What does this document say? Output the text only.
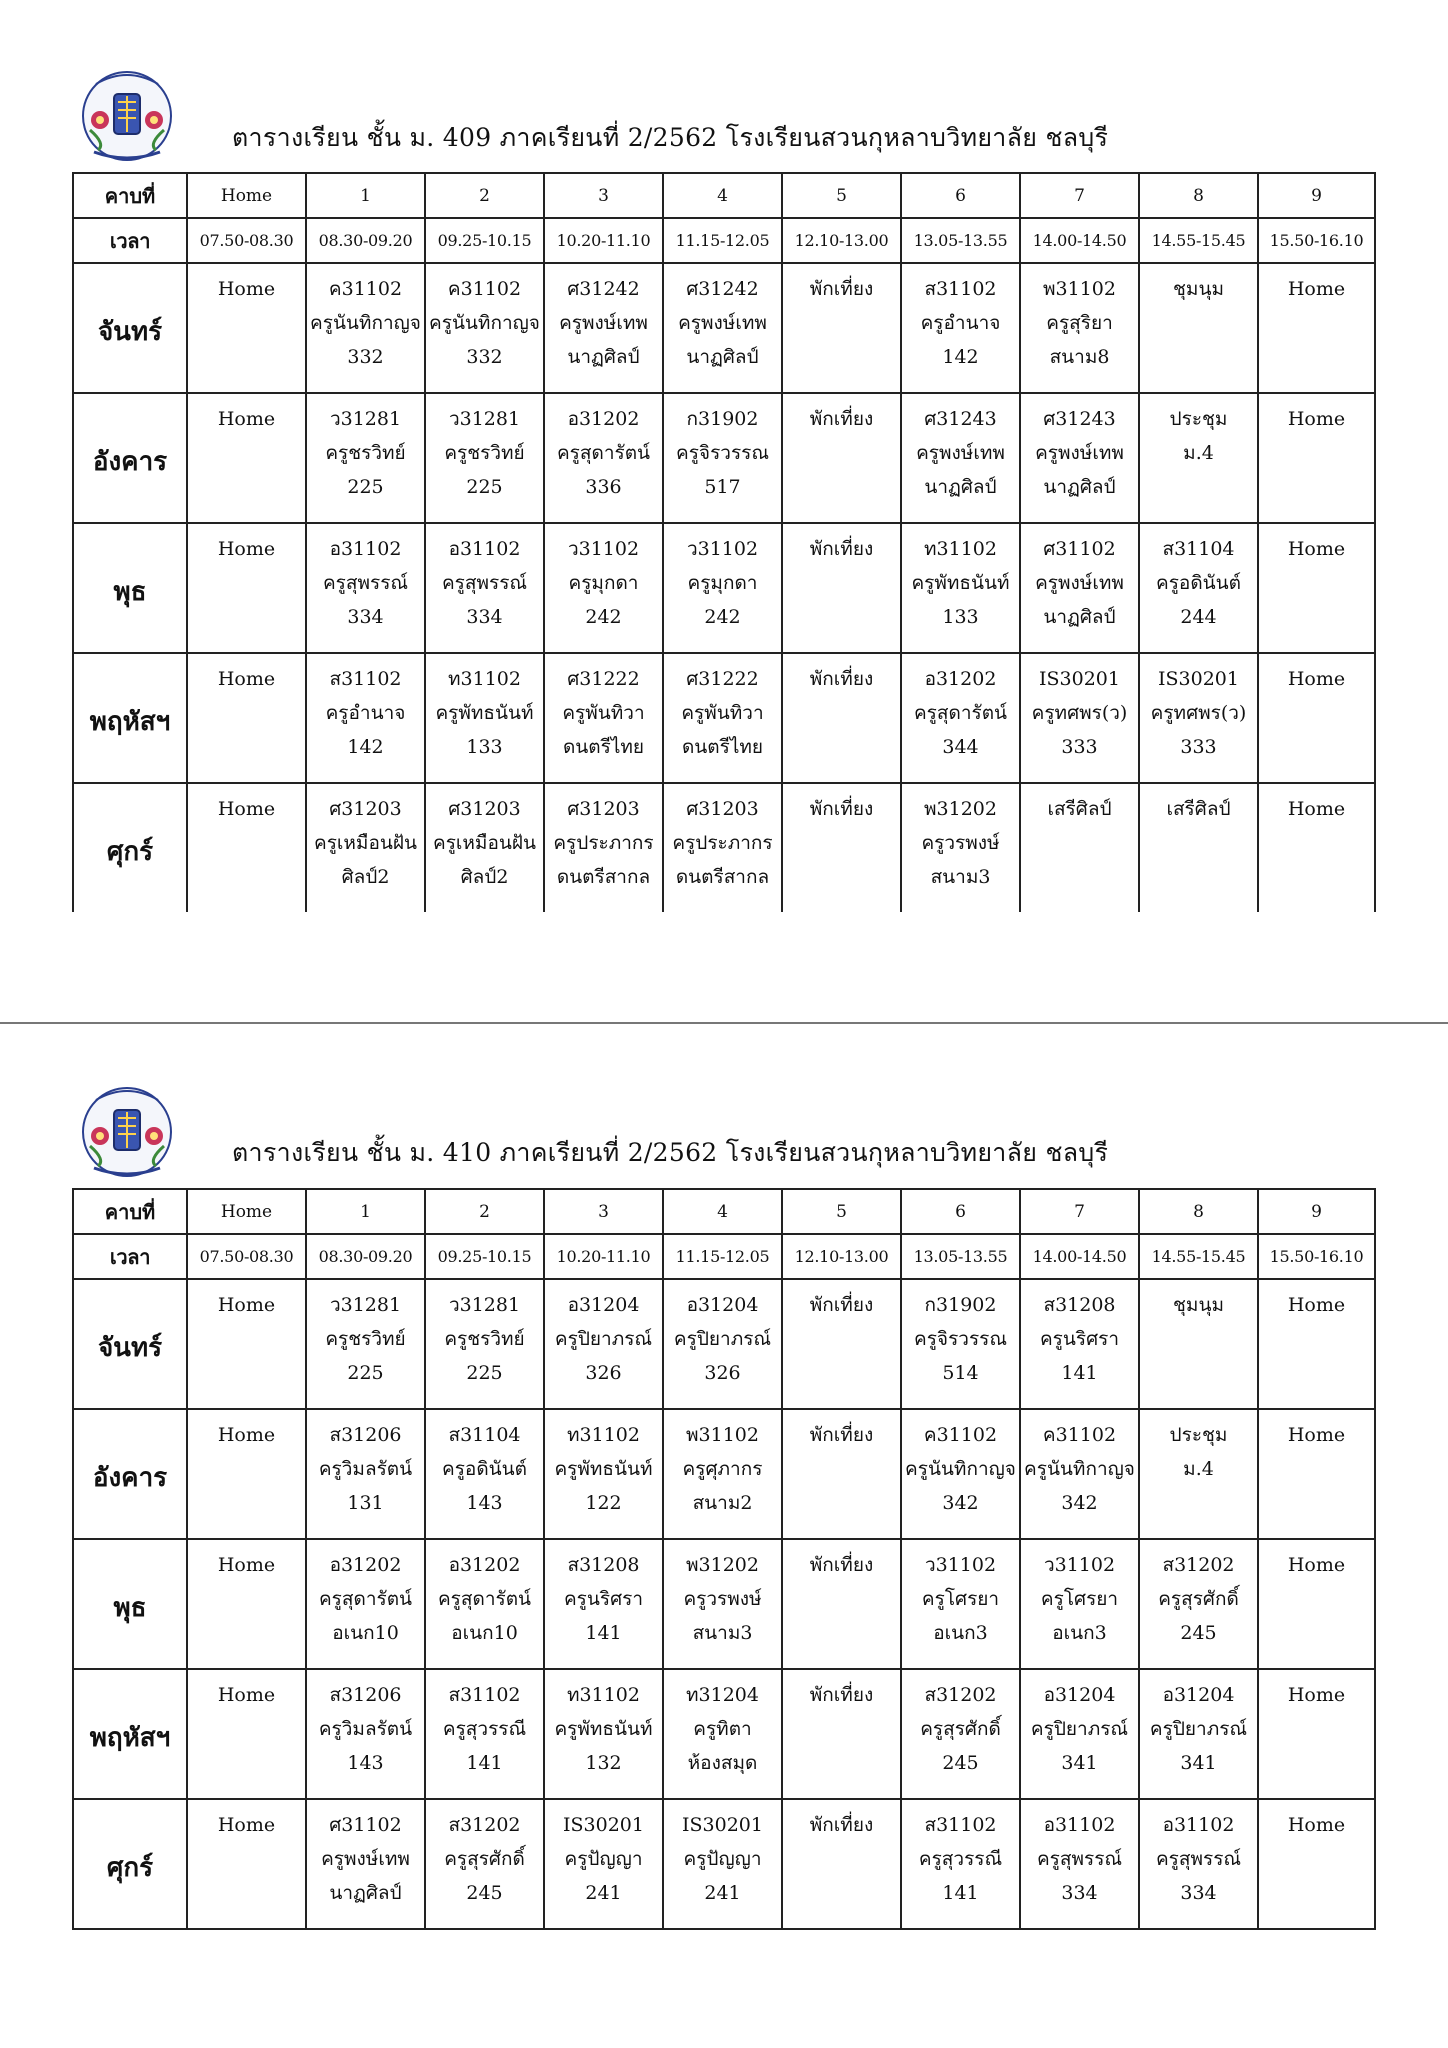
ตารางเรียน ชั้น ม. 409 ภาคเรียนที่ 2/2562 โรงเรียนสวนกุหลาบวิทยาลัย ชลบุรี
คาบที่	Home	1	2	3	4	5	6	7	8	9
เวลา	07.50-08.30	08.30-09.20	09.25-10.15	10.20-11.10	11.15-12.05	12.10-13.00	13.05-13.55	14.00-14.50	14.55-15.45	15.50-16.10
จันทร์	Home	ค31102
ครูนันทิกาญจ
332	ค31102
ครูนันทิกาญจ
332	ศ31242
ครูพงษ์เทพ
นาฏศิลป์	ศ31242
ครูพงษ์เทพ
นาฏศิลป์	พักเที่ยง	ส31102
ครูอำนาจ
142	พ31102
ครูสุริยา
สนาม8	ชุมนุม	Home

อังคาร	Home	ว31281
ครูชรวิทย์
225	ว31281
ครูชรวิทย์
225	อ31202
ครูสุดารัตน์
336	ก31902
ครูจิรวรรณ
517	พักเที่ยง	ศ31243
ครูพงษ์เทพ
นาฏศิลป์	ศ31243
ครูพงษ์เทพ
นาฏศิลป์	ประชุม
ม.4	Home

พุธ	Home	อ31102
ครูสุพรรณ์
334	อ31102
ครูสุพรรณ์
334	ว31102
ครูมุกดา
242	ว31102
ครูมุกดา
242	พักเที่ยง	ท31102
ครูพัทธนันท์
133	ศ31102
ครูพงษ์เทพ
นาฏศิลป์	ส31104
ครูอดินันต์
244	Home

พฤหัสฯ	Home	ส31102
ครูอำนาจ
142	ท31102
ครูพัทธนันท์
133	ศ31222
ครูพันทิวา
ดนตรีไทย	ศ31222
ครูพันทิวา
ดนตรีไทย	พักเที่ยง	อ31202
ครูสุดารัตน์
344	IS30201
ครูทศพร(ว)
333	IS30201
ครูทศพร(ว)
333	Home

ศุกร์	Home	ศ31203
ครูเหมือนฝัน
ศิลป์2	ศ31203
ครูเหมือนฝัน
ศิลป์2	ศ31203
ครูประภากร
ดนตรีสากล	ศ31203
ครูประภากร
ดนตรีสากล	พักเที่ยง	พ31202
ครูวรพงษ์
สนาม3	เสรีศิลป์	เสรีศิลป์	Home
ตารางเรียน ชั้น ม. 410 ภาคเรียนที่ 2/2562 โรงเรียนสวนกุหลาบวิทยาลัย ชลบุรี
คาบที่	Home	1	2	3	4	5	6	7	8	9
เวลา	07.50-08.30	08.30-09.20	09.25-10.15	10.20-11.10	11.15-12.05	12.10-13.00	13.05-13.55	14.00-14.50	14.55-15.45	15.50-16.10
จันทร์	Home	ว31281
ครูชรวิทย์
225	ว31281
ครูชรวิทย์
225	อ31204
ครูปิยาภรณ์
326	อ31204
ครูปิยาภรณ์
326	พักเที่ยง	ก31902
ครูจิรวรรณ
514	ส31208
ครูนริศรา
141	ชุมนุม	Home

อังคาร	Home	ส31206
ครูวิมลรัตน์
131	ส31104
ครูอดินันต์
143	ท31102
ครูพัทธนันท์
122	พ31102
ครูศุภากร
สนาม2	พักเที่ยง	ค31102
ครูนันทิกาญจ
342	ค31102
ครูนันทิกาญจ
342	ประชุม
ม.4	Home

พุธ	Home	อ31202
ครูสุดารัตน์
อเนก10	อ31202
ครูสุดารัตน์
อเนก10	ส31208
ครูนริศรา
141	พ31202
ครูวรพงษ์
สนาม3	พักเที่ยง	ว31102
ครูโศรยา
อเนก3	ว31102
ครูโศรยา
อเนก3	ส31202
ครูสุรศักดิ์
245	Home

พฤหัสฯ	Home	ส31206
ครูวิมลรัตน์
143	ส31102
ครูสุวรรณี
141	ท31102
ครูพัทธนันท์
132	ท31204
ครูทิตา
ห้องสมุด	พักเที่ยง	ส31202
ครูสุรศักดิ์
245	อ31204
ครูปิยาภรณ์
341	อ31204
ครูปิยาภรณ์
341	Home

ศุกร์	Home	ศ31102
ครูพงษ์เทพ
นาฏศิลป์	ส31202
ครูสุรศักดิ์
245	IS30201
ครูปัญญา
241	IS30201
ครูปัญญา
241	พักเที่ยง	ส31102
ครูสุวรรณี
141	อ31102
ครูสุพรรณ์
334	อ31102
ครูสุพรรณ์
334	Home
